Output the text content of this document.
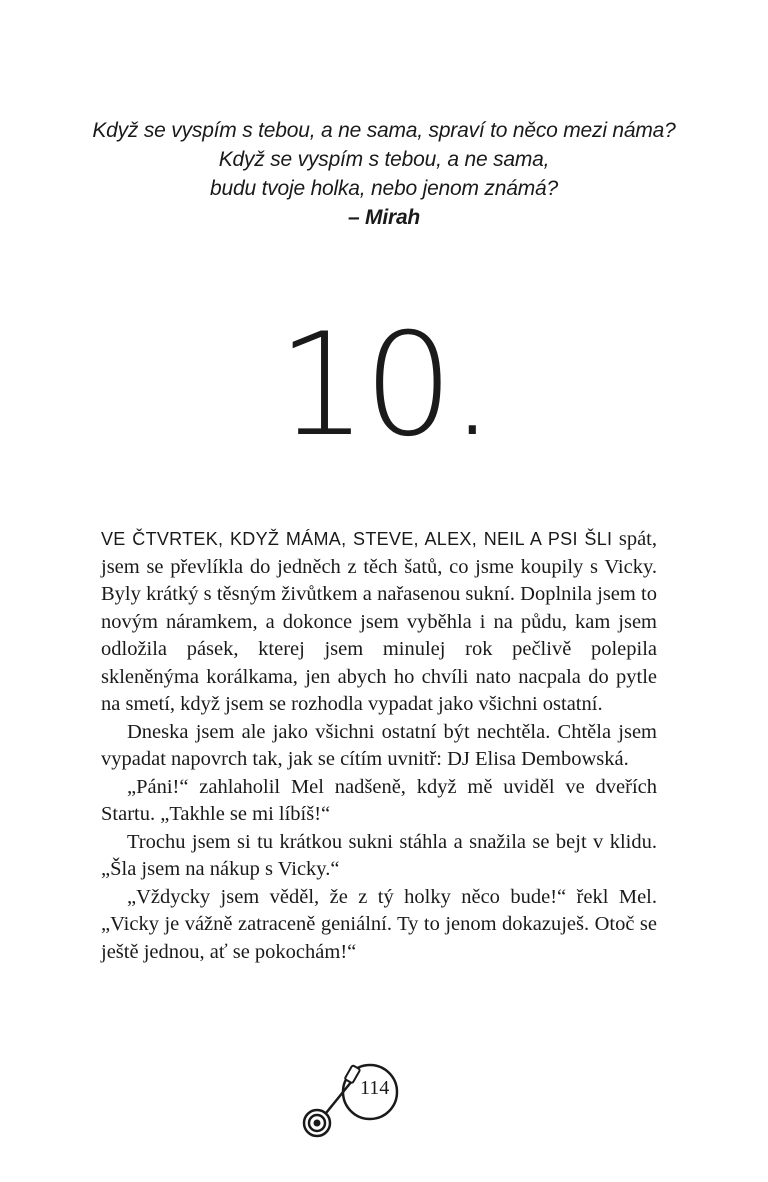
Když se vyspím s tebou, a ne sama, spraví to něco mezi náma?
Když se vyspím s tebou, a ne sama,
budu tvoje holka, nebo jenom známá?
– Mirah
10.

VE ČTVRTEK, KDYŽ MÁMA, STEVE, ALEX, NEIL A PSI ŠLI spát, jsem se převlíkla do jedněch z těch šatů, co jsme koupily s Vicky. Byly krátký s těsným živůtkem a nařasenou sukní. Doplnila jsem to novým náramkem, a dokonce jsem vyběhla i na půdu, kam jsem odložila pásek, kterej jsem minulej rok pečlivě polepila skleněnýma korálkama, jen abych ho chvíli nato nacpala do pytle na smetí, když jsem se rozhodla vypadat jako všichni ostatní.

Dneska jsem ale jako všichni ostatní být nechtěla. Chtěla jsem vypadat napovrch tak, jak se cítím uvnitř: DJ Elisa Dembowská.

„Páni!“ zahlaholil Mel nadšeně, když mě uviděl ve dveřích Startu. „Takhle se mi líbíš!“

Trochu jsem si tu krátkou sukni stáhla a snažila se bejt v klidu. „Šla jsem na nákup s Vicky.“

„Vždycky jsem věděl, že z tý holky něco bude!“ řekl Mel. „Vicky je vážně zatraceně geniální. Ty to jenom dokazuješ. Otoč se ještě jednou, ať se pokochám!“

114
